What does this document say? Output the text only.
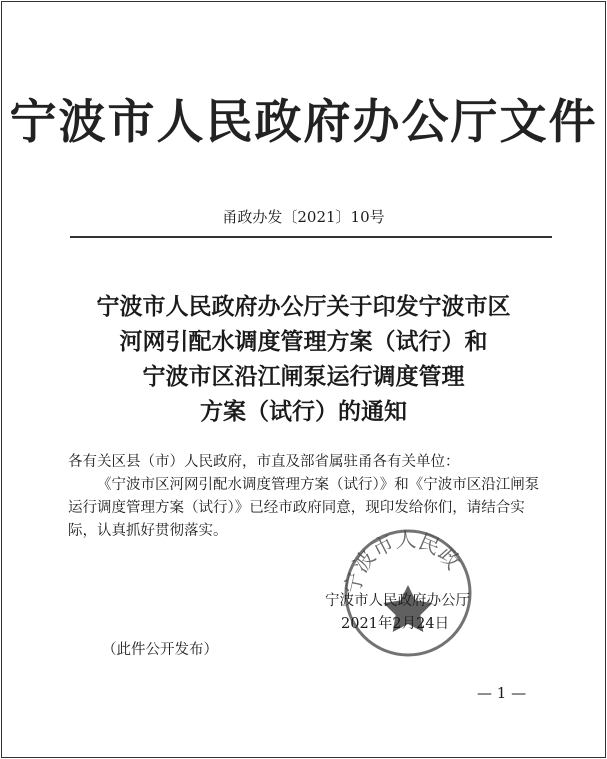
宁波市人民政府办公厅文件
甬政办发〔2021〕10号
宁波市人民政府办公厅关于印发宁波市区
河网引配水调度管理方案（试行）和
宁波市区沿江闸泵运行调度管理
方案（试行）的通知
各有关区县（市）人民政府，市直及部省属驻甬各有关单位：
《宁波市区河网引配水调度管理方案（试行）》和《宁波市区沿江闸泵运行调度管理方案（试行）》已经市政府同意，现印发给你们，请结合实际，认真抓好贯彻落实。
宁波市人民政
宁波市人民政府办公厅
2021年2月24日
（此件公开发布）
— 1 —
